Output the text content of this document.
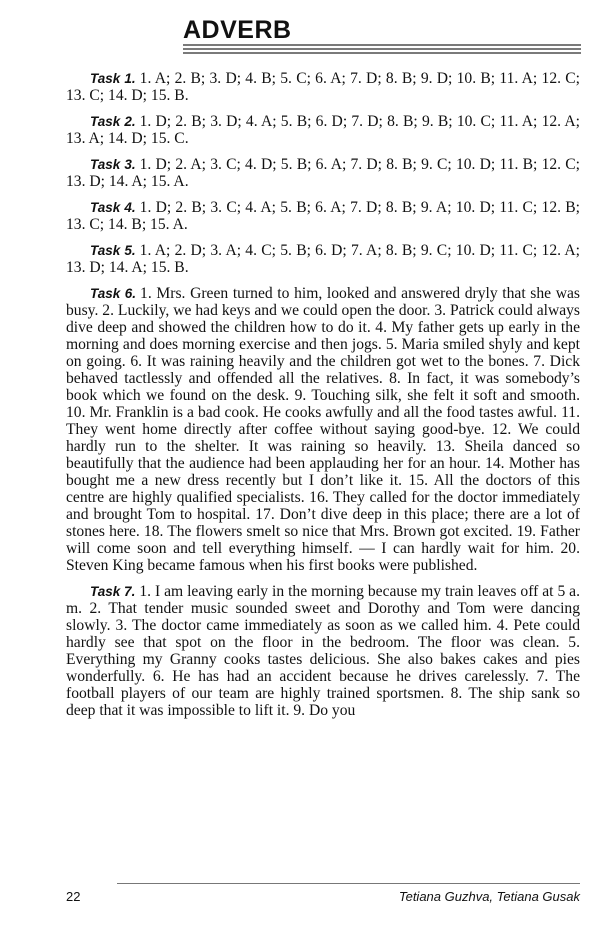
ADVERB

Task 1. 1. A; 2. B; 3. D; 4. B; 5. C; 6. A; 7. D; 8. B; 9. D; 10. B; 11. A; 12. C; 13. C; 14. D; 15. B.

Task 2. 1. D; 2. B; 3. D; 4. A; 5. B; 6. D; 7. D; 8. B; 9. B; 10. C; 11. A; 12. A; 13. A; 14. D; 15. C.

Task 3. 1. D; 2. A; 3. C; 4. D; 5. B; 6. A; 7. D; 8. B; 9. C; 10. D; 11. B; 12. C; 13. D; 14. A; 15. A.

Task 4. 1. D; 2. B; 3. C; 4. A; 5. B; 6. A; 7. D; 8. B; 9. A; 10. D; 11. C; 12. B; 13. C; 14. B; 15. A.

Task 5. 1. A; 2. D; 3. A; 4. C; 5. B; 6. D; 7. A; 8. B; 9. C; 10. D; 11. C; 12. A; 13. D; 14. A; 15. B.

Task 6. 1. Mrs. Green turned to him, looked and answered dryly that she was busy. 2. Luckily, we had keys and we could open the door. 3. Patrick could always dive deep and showed the children how to do it. 4. My father gets up early in the morning and does morning exercise and then jogs. 5. Maria smiled shyly and kept on going. 6. It was raining heavily and the children got wet to the bones. 7. Dick behaved tactlessly and offended all the relatives. 8. In fact, it was somebody’s book which we found on the desk. 9. Touching silk, she felt it soft and smooth. 10. Mr. Franklin is a bad cook. He cooks awfully and all the food tastes awful. 11. They went home directly after coffee without saying good-bye. 12. We could hardly run to the shelter. It was raining so heavily. 13. Sheila danced so beautifully that the audience had been applauding her for an hour. 14. Mother has bought me a new dress recently but I don’t like it. 15. All the doctors of this centre are highly qualified specialists. 16. They called for the doctor immediately and brought Tom to hospital. 17. Don’t dive deep in this place; there are a lot of stones here. 18. The flowers smelt so nice that Mrs. Brown got excited. 19. Father will come soon and tell everything himself. — I can hardly wait for him. 20. Steven King became famous when his first books were published.

Task 7. 1. I am leaving early in the morning because my train leaves off at 5 a. m. 2. That tender music sounded sweet and Dorothy and Tom were dancing slowly. 3. The doctor came immediately as soon as we called him. 4. Pete could hardly see that spot on the floor in the bedroom. The floor was clean. 5. Everything my Granny cooks tastes delicious. She also bakes cakes and pies wonderfully. 6. He has had an accident because he drives carelessly. 7. The football players of our team are highly trained sportsmen. 8. The ship sank so deep that it was impossible to lift it. 9. Do you

22	Tetiana Guzhva, Tetiana Gusak
